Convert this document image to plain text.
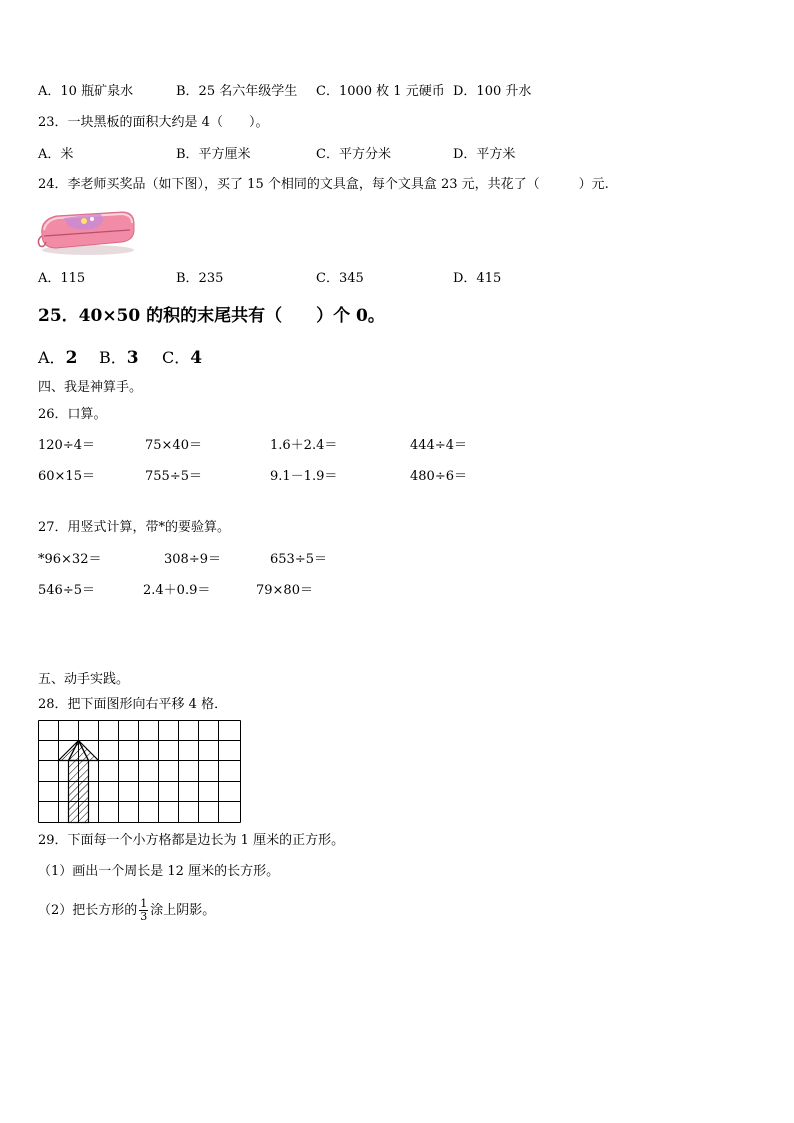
A．10 瓶矿泉水	B．25 名六年级学生 C．1000 枚 1 元硬币 D．100 升水
23．一块黑板的面积大约是 4（　　）。
A．米	B．平方厘米	C．平方分米	D．平方米
24．李老师买奖品（如下图），买了 15 个相同的文具盒，每个文具盒 23 元，共花了（　　　）元.
A．115	B．235	C．345	D．415
25．40×50 的积的末尾共有（　　）个 0。
A．2 B．3 C．4
四、我是神算手。
26．口算。
120÷4＝	75×40＝	1.6＋2.4＝	444÷4＝
60×15＝	755÷5＝	9.1－1.9＝	480÷6＝
27．用竖式计算，带*的要验算。
*96×32＝	308÷9＝	653÷5＝
546÷5＝	2.4＋0.9＝	79×80＝
五、动手实践。
28．把下面图形向右平移 4 格．
29．下面每一个小方格都是边长为 1 厘米的正方形。
（1）画出一个周长是 12 厘米的长方形。
（2）把长方形的 $\frac{1}{3}$ 涂上阴影。
